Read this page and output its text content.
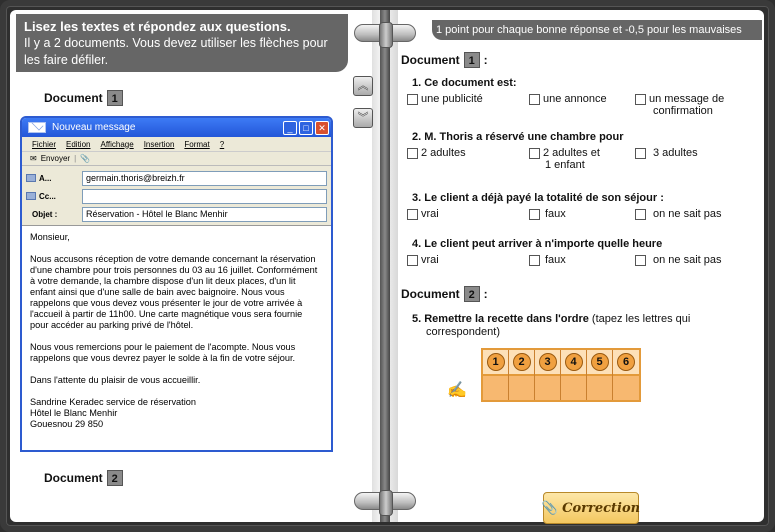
Lisez les textes et répondez aux questions.
Il y a 2 documents. Vous devez utiliser les flèches pour
les faire défiler.
︽
︾
Document 1
Nouveau message	_	□	✕
Fichier Edition Affichage Insertion Format ?
✉ Envoyer | 📎
A...	germain.thoris@breizh.fr
Cc...
Objet :	Réservation - Hôtel le Blanc Menhir

Monsieur,

Nous accusons réception de votre demande concernant la réservation d'une chambre pour trois personnes du 03 au 16 juillet. Conformément à votre demande, la chambre dispose d'un lit deux places, d'un lit enfant ainsi que d'une salle de bain avec baignoire. Nous vous rappelons que vous devez vous présenter le jour de votre arrivée à l'accueil à partir de 11h00. Une carte magnétique vous sera fournie pour accéder au parking privé de l'hôtel.

Nous vous remercions pour le paiement de l'acompte. Nous vous rappelons que vous devrez payer le solde à la fin de votre séjour.

Dans l'attente du plaisir de vous accueillir.

Sandrine Keradec service de réservation
Hôtel le Blanc Menhir
Gouesnou 29 850
Document 2
1 point pour chaque bonne réponse et -0,5 pour les mauvaises
Document 1 :
1. Ce document est:
une publicité	une annonce	un message de
confirmation
2. M. Thoris a réservé une chambre pour
2 adultes	2 adultes et
1 enfant
3 adultes
3. Le client a déjà payé la totalité de son séjour :
vrai	faux	on ne sait pas
4. Le client peut arriver à n'importe quelle heure
vrai	faux	on ne sait pas
Document 2 :
5. Remettre la recette dans l'ordre (tapez les lettres qui
correspondent)
✍
1	2	3	4	5	6
📎 Correction
